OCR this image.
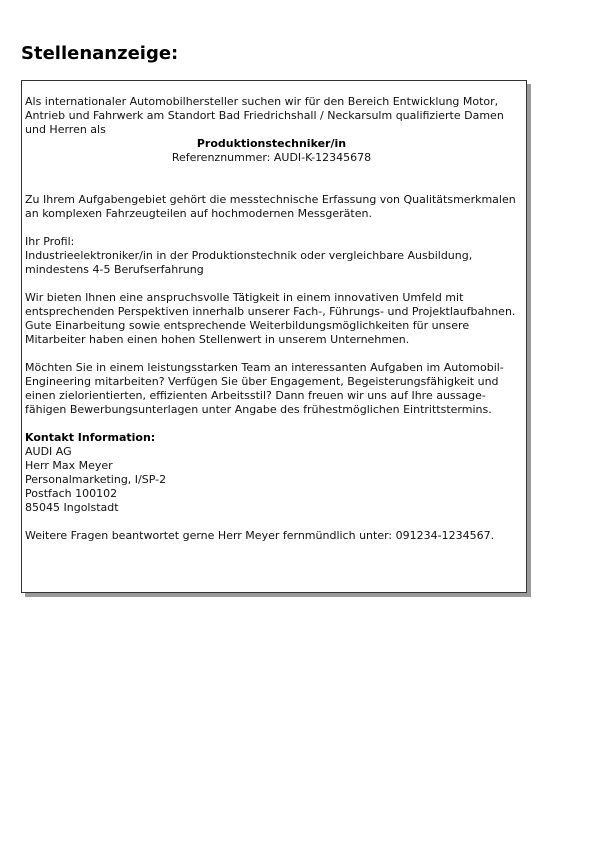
Stellenanzeige:

Als internationaler Automobilhersteller suchen wir für den Bereich Entwicklung Motor, Antrieb und Fahrwerk am Standort Bad Friedrichshall / Neckarsulm qualifizierte Damen und Herren als

Produktionstechniker/in

Referenznummer: AUDI-K-12345678

Zu Ihrem Aufgabengebiet gehört die messtechnische Erfassung von Qualitätsmerkmalen an komplexen Fahrzeugteilen auf hochmodernen Messgeräten.

Ihr Profil:

Industrieelektroniker/in in der Produktionstechnik oder vergleichbare Ausbildung, mindestens 4-5 Berufserfahrung

Wir bieten Ihnen eine anspruchsvolle Tätigkeit in einem innovativen Umfeld mit entsprechenden Perspektiven innerhalb unserer Fach-, Führungs- und Projektlaufbahnen. Gute Einarbeitung sowie entsprechende Weiterbildungsmöglichkeiten für unsere Mitarbeiter haben einen hohen Stellenwert in unserem Unternehmen.

Möchten Sie in einem leistungsstarken Team an interessanten Aufgaben im Automobil-Engineering mitarbeiten? Verfügen Sie über Engagement, Begeisterungsfähigkeit und einen zielorientierten, effizienten Arbeitsstil? Dann freuen wir uns auf Ihre aussage-fähigen Bewerbungsunterlagen unter Angabe des frühestmöglichen Eintrittstermins.

Kontakt Information:

AUDI AG
Herr Max Meyer
Personalmarketing, I/SP-2
Postfach 100102
85045 Ingolstadt

Weitere Fragen beantwortet gerne Herr Meyer fernmündlich unter: 091234-1234567.
